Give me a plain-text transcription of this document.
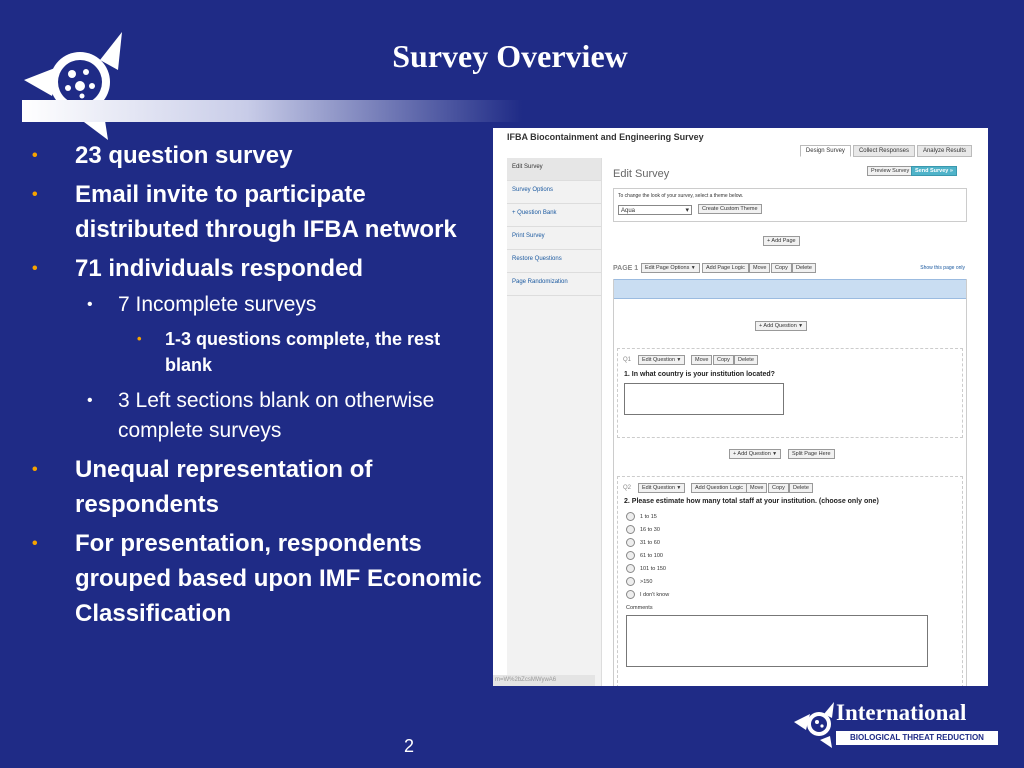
Survey Overview
• 23 question survey
• Email invite to participate distributed through IFBA network
• 71 individuals responded
• 7 Incomplete surveys
• 1-3 questions complete, the rest blank
• 3 Left sections blank on otherwise complete surveys
• Unequal representation of respondents
• For presentation, respondents grouped based upon IMF Economic Classification
IFBA Biocontainment and Engineering Survey
Design Survey	Collect Responses	Analyze Results
Edit Survey
Survey Options
+ Question Bank
Print Survey
Restore Questions
Page Randomization
Edit Survey	Preview Survey	Send Survey »
To change the look of your survey, select a theme below.
Aqua ▾	Create Custom Theme
+ Add Page
PAGE 1	Edit Page Options ▼	Add Page Logic	Move	Copy	Delete	Show this page only
+ Add Question ▼
Q1	Edit Question ▼	Move	Copy	Delete
1. In what country is your institution located?
+ Add Question ▼	Split Page Here
Q2	Edit Question ▼	Add Question Logic	Move	Copy	Delete
2. Please estimate how many total staff at your institution. (choose only one)
1 to 15
16 to 30
31 to 60
61 to 100
101 to 150
>150
I don't know
Comments
m=W%2bZcsMWywA6
International
BIOLOGICAL THREAT REDUCTION
2
